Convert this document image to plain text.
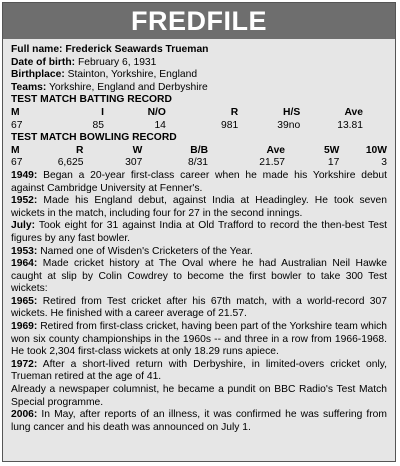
FREDFILE
Full name: Frederick Seawards Trueman
Date of birth: February 6, 1931
Birthplace: Stainton, Yorkshire, England
Teams: Yorkshire, England and Derbyshire
TEST MATCH BATTING RECORD
M	I	N/O	R	H/S	Ave
67	85	14	981	39no	13.81
TEST MATCH BOWLING RECORD
M	R	W	B/B	Ave	5W	10W
67	6,625	307	8/31	21.57	17	3
1949: Began a 20-year first-class career when he made his Yorkshire debut against Cambridge University at Fenner's.
1952: Made his England debut, against India at Headingley. He took seven wickets in the match, including four for 27 in the second innings.
July: Took eight for 31 against India at Old Trafford to record the then-best Test figures by any fast bowler.
1953: Named one of Wisden's Cricketers of the Year.
1964: Made cricket history at The Oval where he had Australian Neil Hawke caught at slip by Colin Cowdrey to become the first bowler to take 300 Test wickets:
1965: Retired from Test cricket after his 67th match, with a world-record 307 wickets. He finished with a career average of 21.57.
1969: Retired from first-class cricket, having been part of the Yorkshire team which won six county championships in the 1960s -- and three in a row from 1966-1968. He took 2,304 first-class wickets at only 18.29 runs apiece.
1972: After a short-lived return with Derbyshire, in limited-overs cricket only, Trueman retired at the age of 41.
Already a newspaper columnist, he became a pundit on BBC Radio's Test Match Special programme.
2006: In May, after reports of an illness, it was confirmed he was suffering from lung cancer and his death was announced on July 1.
